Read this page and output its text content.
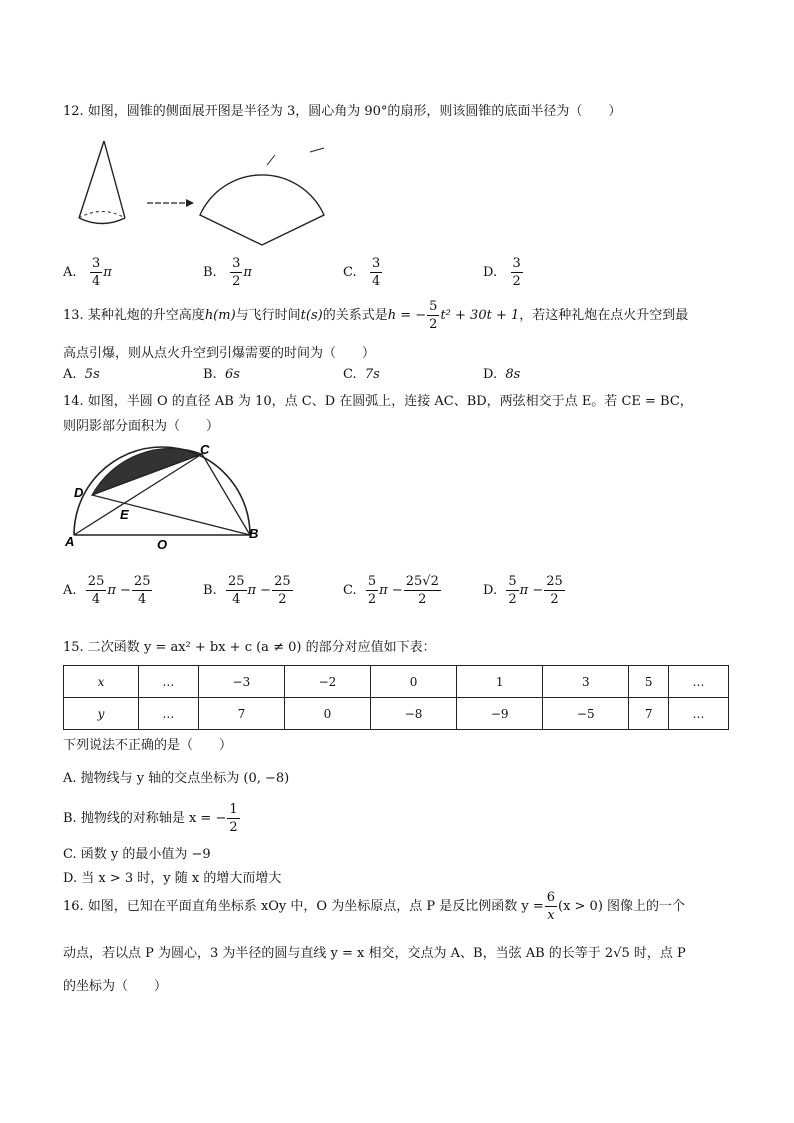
12. 如图，圆锥的侧面展开图是半径为 3，圆心角为 90°的扇形，则该圆锥的底面半径为（　　）
A. $\frac{3}{4}$ π	B. $\frac{3}{2}$ π	C. $\frac{3}{4}$	D. $\frac{3}{2}$
13. 某种礼炮的升空高度h(m)与飞行时间t(s)的关系式是h = − $\frac{5}{2} t^2 + 30t + 1$，若这种礼炮在点火升空到最
高点引爆，则从点火升空到引爆需要的时间为（　　）
A. 5s	B. 6s	C. 7s	D. 8s
14. 如图，半圆 O 的直径 AB 为 10，点 C、D 在圆弧上，连接 AC、BD，两弦相交于点 E。若 CE = BC，
则阴影部分面积为（　　）
C
D
E
A	O
B
A. $\frac{25}{4}$ $\pi - \frac{25}{4}$	B. $\frac{25}{4}$ $\pi - \frac{25}{2}$	C. $\frac{5}{2}$ $\pi - \frac{25√2}{2}$	D. $\frac{5}{2}$ $\pi - \frac{25}{2}$
15. 二次函数 y = ax² + bx + c (a ≠ 0) 的部分对应值如下表：
x	…	−3	−2	0	1	3	5	…
y	…	7	0	−8	−9	−5	7	…
下列说法不正确的是（　　）
A. 抛物线与 y 轴的交点坐标为 (0, −8)
B. 抛物线的对称轴是 x = − $\frac{1}{2}$
C. 函数 y 的最小值为 −9
D. 当 x > 3 时，y 随 x 的增大而增大
16. 如图，已知在平面直角坐标系 xOy 中，O 为坐标原点，点 P 是反比例函数 $y = \frac{6}{x} (x > 0)$ 图像上的一个
动点，若以点 P 为圆心，3 为半径的圆与直线 y = x 相交，交点为 A、B，当弦 AB 的长等于 2√5 时，点 P
的坐标为（　　）
